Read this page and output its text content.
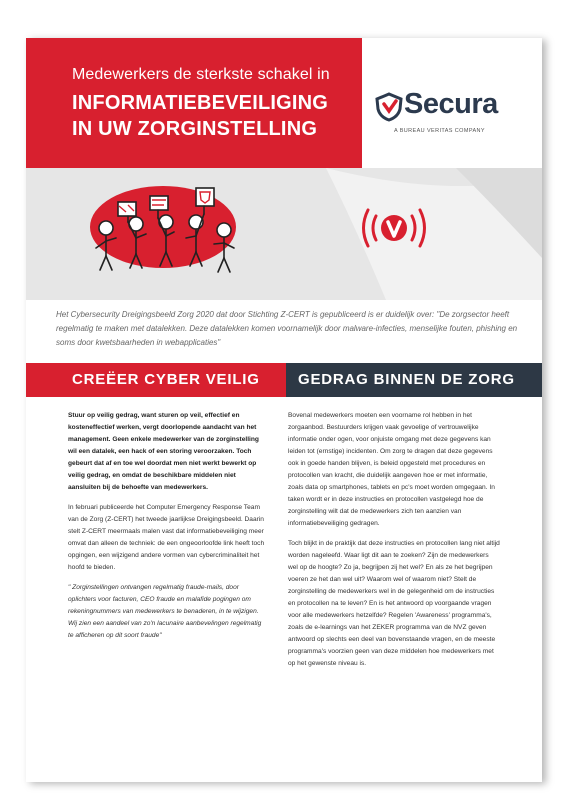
Medewerkers de sterkste schakel in
INFORMATIEBEVEILIGING
IN UW ZORGINSTELLING
Secura
A BUREAU VERITAS COMPANY
Het Cybersecurity Dreigingsbeeld Zorg 2020 dat door Stichting Z-CERT is gepubliceerd is er duidelijk over: "De zorgsector heeft regelmatig te maken met datalekken. Deze datalekken komen voornamelijk door malware-infecties, menselijke fouten, phishing en soms door kwetsbaarheden in webapplicaties"
CREËER CYBER VEILIG	GEDRAG BINNEN DE ZORG

Stuur op veilig gedrag, want sturen op veil, effectief en kosteneffectief werken, vergt doorlopende aandacht van het management. Geen enkele medewerker van de zorginstelling wil een datalek, een hack of een storing veroorzaken. Toch gebeurt dat af en toe wel doordat men niet werkt bewerkt op veilig gedrag, en omdat de beschikbare middelen niet aansluiten bij de behoefte van medewerkers.

In februari publiceerde het Computer Emergency Response Team van de Zorg (Z-CERT) het tweede jaarlijkse Dreigingsbeeld. Daarin stelt Z-CERT meermaals malen vast dat informatiebeveiliging meer omvat dan alleen de techniek: de een ongeoorloofde link heeft toch opgingen, een wijzigend andere vormen van cybercriminaliteit het hoofd te bieden.

" Zorginstellingen ontvangen regelmatig fraude-mails, door oplichters voor facturen, CEO fraude en malafide pogingen om rekeningnummers van medewerkers te benaderen, in te wijzigen. Wij zien een aandeel van zo'n lacunaire aanbevelingen regelmatig te afficheren op dit soort fraude"

Bovenal medewerkers moeten een voorname rol hebben in het zorgaanbod. Bestuurders krijgen vaak gevoelige of vertrouwelijke informatie onder ogen, voor onjuiste omgang met deze gegevens kan leiden tot (ernstige) incidenten. Om zorg te dragen dat deze gegevens ook in goede handen blijven, is beleid opgesteld met procedures en protocollen van kracht, die duidelijk aangeven hoe er met informatie, zoals data op smartphones, tablets en pc's moet worden omgegaan. In taken wordt er in deze instructies en protocollen vastgelegd hoe de zorginstelling wilt dat de medewerkers zich ten aanzien van informatiebeveiliging gedragen.

Toch blijkt in de praktijk dat deze instructies en protocollen lang niet altijd worden nageleefd. Waar ligt dit aan te zoeken? Zijn de medewerkers wel op de hoogte? Zo ja, begrijpen zij het wel? En als ze het begrijpen voeren ze het dan wel uit? Waarom wel of waarom niet? Stelt de zorginstelling de medewerkers wel in de gelegenheid om de instructies en protocollen na te leven? En is het antwoord op voorgaande vragen voor alle medewerkers hetzelfde? Regelen 'Awareness' programma's, zoals de e-learnings van het ZEKER programma van de NVZ geven antwoord op slechts een deel van bovenstaande vragen, en de meeste programma's voorzien geen van deze middelen hoe medewerkers met op het gewenste niveau is.
